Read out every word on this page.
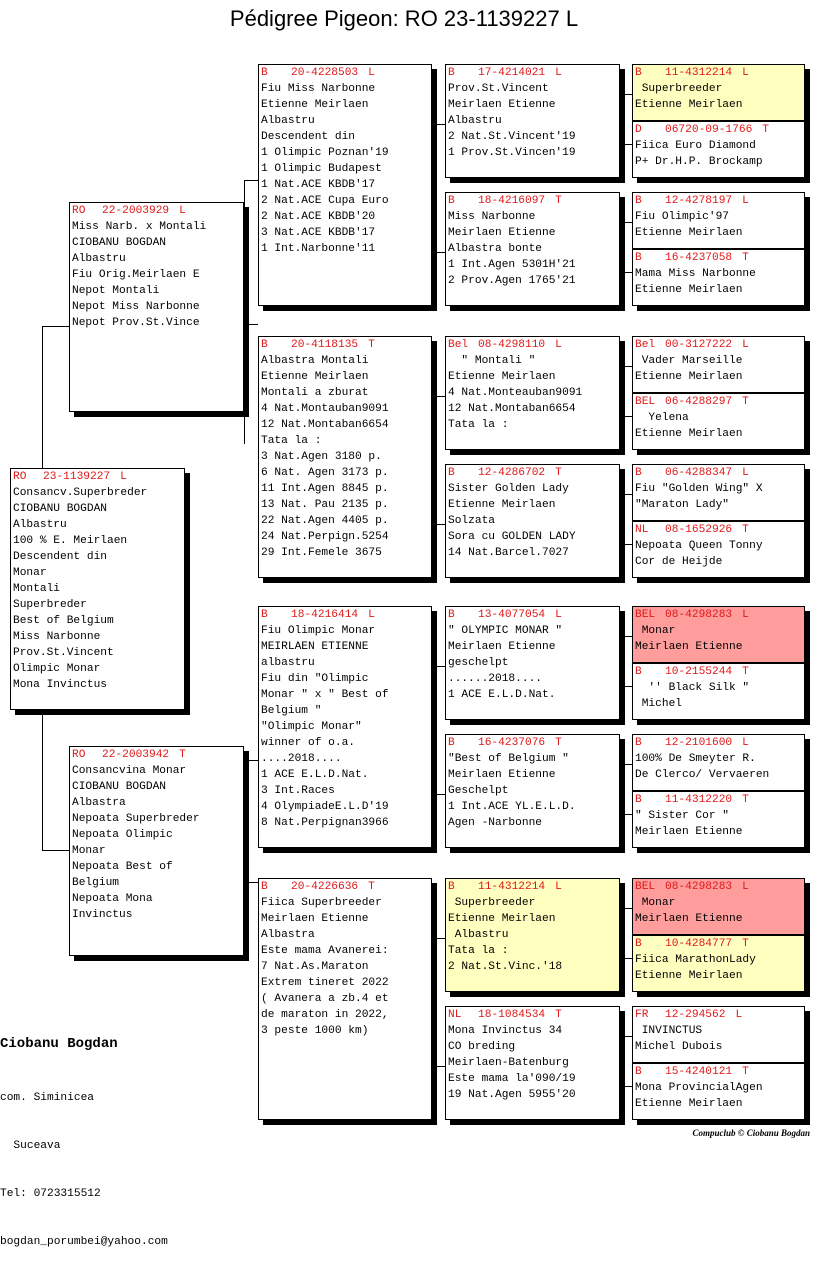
Pédigree Pigeon: RO 23-1139227 L
RO	23-1139227 L
Consancv.Superbreder
CIOBANU BOGDAN
Albastru
100 % E. Meirlaen
Descendent din
Monar
Montali
Superbreder
Best of Belgium
Miss Narbonne
Prov.St.Vincent
Olimpic Monar
Mona Invinctus
RO	22-2003929 L
Miss Narb. x Montali
CIOBANU BOGDAN
Albastru
Fiu Orig.Meirlaen E
Nepot Montali
Nepot Miss Narbonne
Nepot Prov.St.Vince
RO	22-2003942 T
Consancvina Monar
CIOBANU BOGDAN
Albastra
Nepoata Superbreder
Nepoata Olimpic
Monar
Nepoata Best of
Belgium
Nepoata Mona
Invinctus
B	20-4228503 L
Fiu Miss Narbonne
Etienne Meirlaen
Albastru
Descendent din
1 Olimpic Poznan'19
1 Olimpic Budapest
1 Nat.ACE KBDB'17
2 Nat.ACE Cupa Euro
2 Nat.ACE KBDB'20
3 Nat.ACE KBDB'17
1 Int.Narbonne'11
B	20-4118135 T
Albastra Montali
Etienne Meirlaen
Montali a zburat
4 Nat.Montauban9091
12 Nat.Montaban6654
Tata la :
3 Nat.Agen 3180 p.
6 Nat. Agen 3173 p.
11 Int.Agen 8845 p.
13 Nat. Pau 2135 p.
22 Nat.Agen 4405 p.
24 Nat.Perpign.5254
29 Int.Femele 3675
B	18-4216414 L
Fiu Olimpic Monar
MEIRLAEN ETIENNE
albastru
Fiu din "Olimpic
Monar " x " Best of
Belgium "
"Olimpic Monar"
winner of o.a.
....2018....
1 ACE E.L.D.Nat.
3 Int.Races
4 OlympiadeE.L.D'19
8 Nat.Perpignan3966
B	20-4226636 T
Fiica Superbreeder
Meirlaen Etienne
Albastra
Este mama Avanerei:
7 Nat.As.Maraton
Extrem tineret 2022
( Avanera a zb.4 et
de maraton in 2022,
3 peste 1000 km)
B	17-4214021 L
Prov.St.Vincent
Meirlaen Etienne
Albastru
2 Nat.St.Vincent'19
1 Prov.St.Vincen'19
B	18-4216097 T
Miss Narbonne
Meirlaen Etienne
Albastra bonte
1 Int.Agen 5301H'21
2 Prov.Agen 1765'21
Bel 08-4298110 L
" Montali "
Etienne Meirlaen
4 Nat.Monteauban9091
12 Nat.Montaban6654
Tata la :
B	12-4286702 T
Sister Golden Lady
Etienne Meirlaen
Solzata
Sora cu GOLDEN LADY
14 Nat.Barcel.7027
B	13-4077054 L
" OLYMPIC MONAR "
Meirlaen Etienne
geschelpt
......2018....
1 ACE E.L.D.Nat.
B	16-4237076 T
"Best of Belgium "
Meirlaen Etienne
Geschelpt
1 Int.ACE YL.E.L.D.
Agen -Narbonne
B	11-4312214 L
Superbreeder
Etienne Meirlaen
Albastru
Tata la :
2 Nat.St.Vinc.'18
NL	18-1084534 T
Mona Invinctus 34
CO breding
Meirlaen-Batenburg
Este mama la'090/19
19 Nat.Agen 5955'20
B	11-4312214 L
Superbreeder
Etienne Meirlaen
D	06720-09-1766 T
Fiica Euro Diamond
P+ Dr.H.P. Brockamp
B	12-4278197 L
Fiu Olimpic'97
Etienne Meirlaen
B	16-4237058 T
Mama Miss Narbonne
Etienne Meirlaen
Bel 00-3127222 L
Vader Marseille
Etienne Meirlaen
BEL 06-4288297 T
Yelena
Etienne Meirlaen
B	06-4288347 L
Fiu "Golden Wing" X
"Maraton Lady"
NL	08-1652926 T
Nepoata Queen Tonny
Cor de Heijde
BEL 08-4298283 L
Monar
Meirlaen Etienne
B	10-2155244 T
'' Black Silk "
Michel
B	12-2101600 L
100% De Smeyter R.
De Clerco/ Vervaeren
B	11-4312220 T
" Sister Cor "
Meirlaen Etienne
BEL 08-4298283 L
Monar
Meirlaen Etienne
B	10-4284777 T
Fiica MarathonLady
Etienne Meirlaen
FR	12-294562 L
INVINCTUS
Michel Dubois
B	15-4240121 T
Mona ProvincialAgen
Etienne Meirlaen
Ciobanu Bogdan

com. Siminicea

Suceava

Tel: 0723315512

bogdan_porumbei@yahoo.com

Compuclub © Ciobanu Bogdan
